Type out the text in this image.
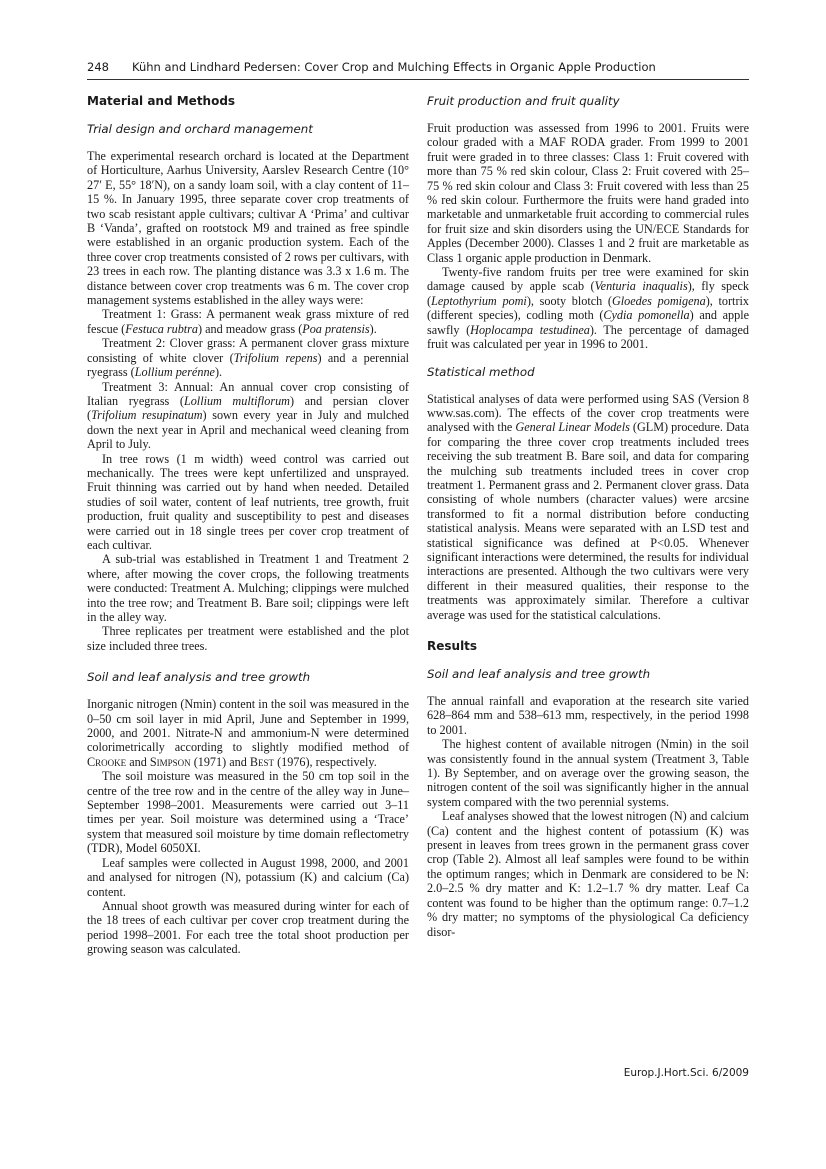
248 Kühn and Lindhard Pedersen: Cover Crop and Mulching Effects in Organic Apple Production
Material and Methods
Trial design and orchard management

The experimental research orchard is located at the Department of Horticulture, Aarhus University, Aarslev Research Centre (10° 27′ E, 55° 18′N), on a sandy loam soil, with a clay content of 11–15 %. In January 1995, three separate cover crop treatments of two scab resistant apple cultivars; cultivar A ‘Prima’ and cultivar B ‘Vanda’, grafted on rootstock M9 and trained as free spindle were established in an organic production system. Each of the three cover crop treatments consisted of 2 rows per cultivars, with 23 trees in each row. The planting distance was 3.3 x 1.6 m. The distance between cover crop treatments was 6 m. The cover crop management systems established in the alley ways were:

Treatment 1: Grass: A permanent weak grass mixture of red fescue (Festuca rubtra) and meadow grass (Poa pratensis).

Treatment 2: Clover grass: A permanent clover grass mixture consisting of white clover (Trifolium repens) and a perennial ryegrass (Lollium perénne).

Treatment 3: Annual: An annual cover crop consisting of Italian ryegrass (Lollium multiflorum) and persian clover (Trifolium resupinatum) sown every year in July and mulched down the next year in April and mechanical weed cleaning from April to July.

In tree rows (1 m width) weed control was carried out mechanically. The trees were kept unfertilized and unsprayed. Fruit thinning was carried out by hand when needed. Detailed studies of soil water, content of leaf nutrients, tree growth, fruit production, fruit quality and susceptibility to pest and diseases were carried out in 18 single trees per cover crop treatment of each cultivar.

A sub-trial was established in Treatment 1 and Treatment 2 where, after mowing the cover crops, the following treatments were conducted: Treatment A. Mulching; clippings were mulched into the tree row; and Treatment B. Bare soil; clippings were left in the alley way.

Three replicates per treatment were established and the plot size included three trees.

Soil and leaf analysis and tree growth

Inorganic nitrogen (Nmin) content in the soil was measured in the 0–50 cm soil layer in mid April, June and September in 1999, 2000, and 2001. Nitrate-N and ammonium-N were determined colorimetrically according to slightly modified method of Crooke and Simpson (1971) and Best (1976), respectively.

The soil moisture was measured in the 50 cm top soil in the centre of the tree row and in the centre of the alley way in June–September 1998–2001. Measurements were carried out 3–11 times per year. Soil moisture was determined using a ‘Trace’ system that measured soil moisture by time domain reflectometry (TDR), Model 6050XI.

Leaf samples were collected in August 1998, 2000, and 2001 and analysed for nitrogen (N), potassium (K) and calcium (Ca) content.

Annual shoot growth was measured during winter for each of the 18 trees of each cultivar per cover crop treatment during the period 1998–2001. For each tree the total shoot production per growing season was calculated.

Fruit production and fruit quality

Fruit production was assessed from 1996 to 2001. Fruits were colour graded with a MAF RODA grader. From 1999 to 2001 fruit were graded in to three classes: Class 1: Fruit covered with more than 75 % red skin colour, Class 2: Fruit covered with 25–75 % red skin colour and Class 3: Fruit covered with less than 25 % red skin colour. Furthermore the fruits were hand graded into marketable and unmarketable fruit according to commercial rules for fruit size and skin disorders using the UN/ECE Standards for Apples (December 2000). Classes 1 and 2 fruit are marketable as Class 1 organic apple production in Denmark.

Twenty-five random fruits per tree were examined for skin damage caused by apple scab (Venturia inaqualis), fly speck (Leptothyrium pomi), sooty blotch (Gloedes pomigena), tortrix (different species), codling moth (Cydia pomonella) and apple sawfly (Hoplocampa testudinea). The percentage of damaged fruit was calculated per year in 1996 to 2001.

Statistical method

Statistical analyses of data were performed using SAS (Version 8 www.sas.com). The effects of the cover crop treatments were analysed with the General Linear Models (GLM) procedure. Data for comparing the three cover crop treatments included trees receiving the sub treatment B. Bare soil, and data for comparing the mulching sub treatments included trees in cover crop treatment 1. Permanent grass and 2. Permanent clover grass. Data consisting of whole numbers (character values) were arcsine transformed to fit a normal distribution before conducting statistical analysis. Means were separated with an LSD test and statistical significance was defined at P<0.05. Whenever significant interactions were determined, the results for individual interactions are presented. Although the two cultivars were very different in their measured qualities, their response to the treatments was approximately similar. Therefore a cultivar average was used for the statistical calculations.

Results
Soil and leaf analysis and tree growth

The annual rainfall and evaporation at the research site varied 628–864 mm and 538–613 mm, respectively, in the period 1998 to 2001.

The highest content of available nitrogen (Nmin) in the soil was consistently found in the annual system (Treatment 3, Table 1). By September, and on average over the growing season, the nitrogen content of the soil was significantly higher in the annual system compared with the two perennial systems.

Leaf analyses showed that the lowest nitrogen (N) and calcium (Ca) content and the highest content of potassium (K) was present in leaves from trees grown in the permanent grass cover crop (Table 2). Almost all leaf samples were found to be within the optimum ranges; which in Denmark are considered to be N: 2.0–2.5 % dry matter and K: 1.2–1.7 % dry matter. Leaf Ca content was found to be higher than the optimum range: 0.7–1.2 % dry matter; no symptoms of the physiological Ca deficiency disor-

Europ.J.Hort.Sci. 6/2009
